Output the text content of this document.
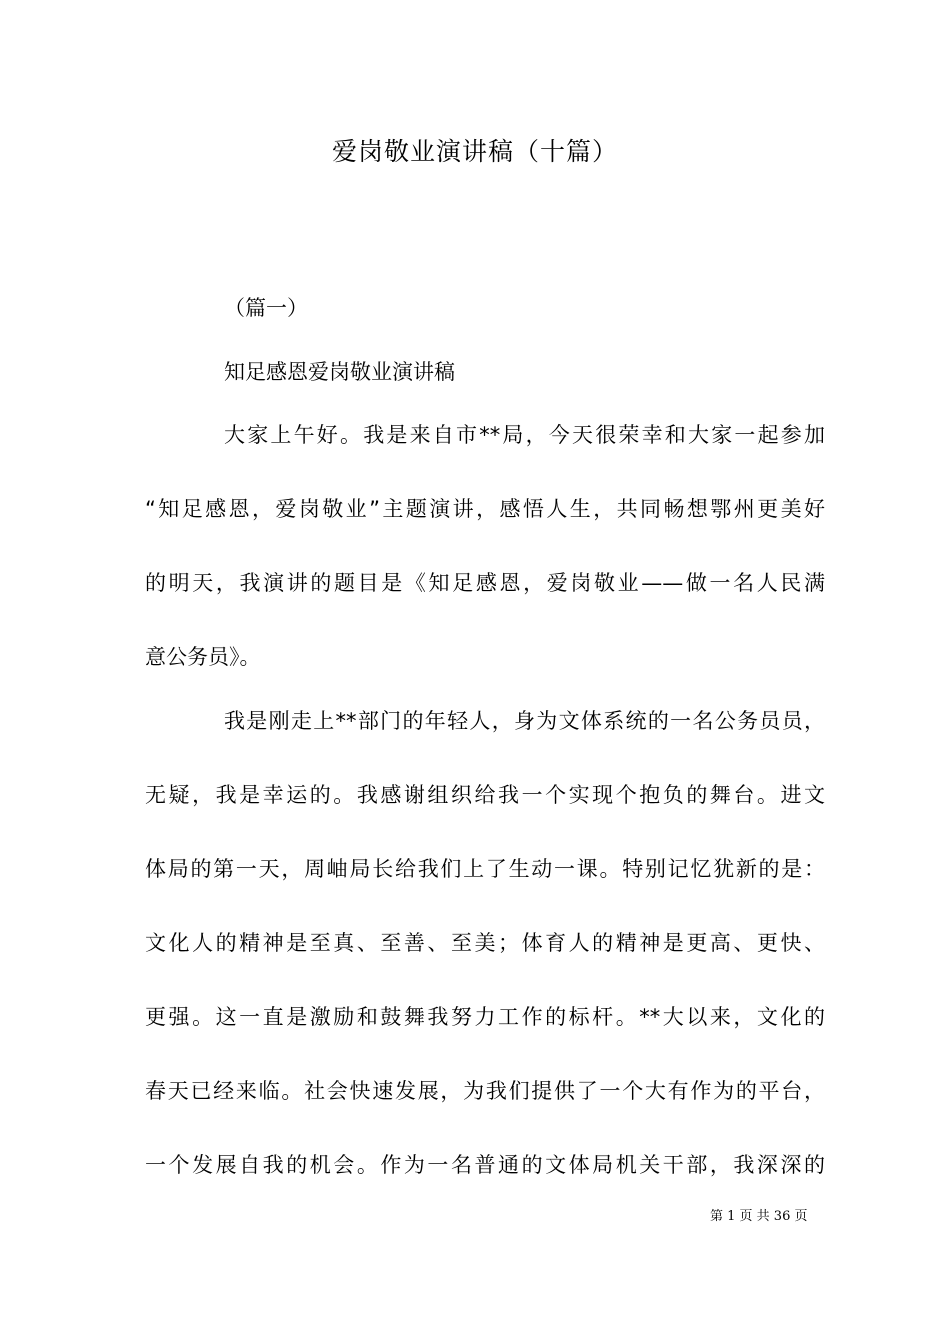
爱岗敬业演讲稿（十篇）
（篇一）
知足感恩爱岗敬业演讲稿
大家上午好。我是来自市**局，今天很荣幸和大家一起参加
“知足感恩，爱岗敬业”主题演讲，感悟人生，共同畅想鄂州更美好
的明天，我演讲的题目是《知足感恩，爱岗敬业——做一名人民满
意公务员》。
我是刚走上**部门的年轻人，身为文体系统的一名公务员员，
无疑，我是幸运的。我感谢组织给我一个实现个抱负的舞台。进文
体局的第一天，周岫局长给我们上了生动一课。特别记忆犹新的是：
文化人的精神是至真、至善、至美；体育人的精神是更高、更快、
更强。这一直是激励和鼓舞我努力工作的标杆。**大以来，文化的
春天已经来临。社会快速发展，为我们提供了一个大有作为的平台，
一个发展自我的机会。作为一名普通的文体局机关干部，我深深的
第 1 页 共 36 页
